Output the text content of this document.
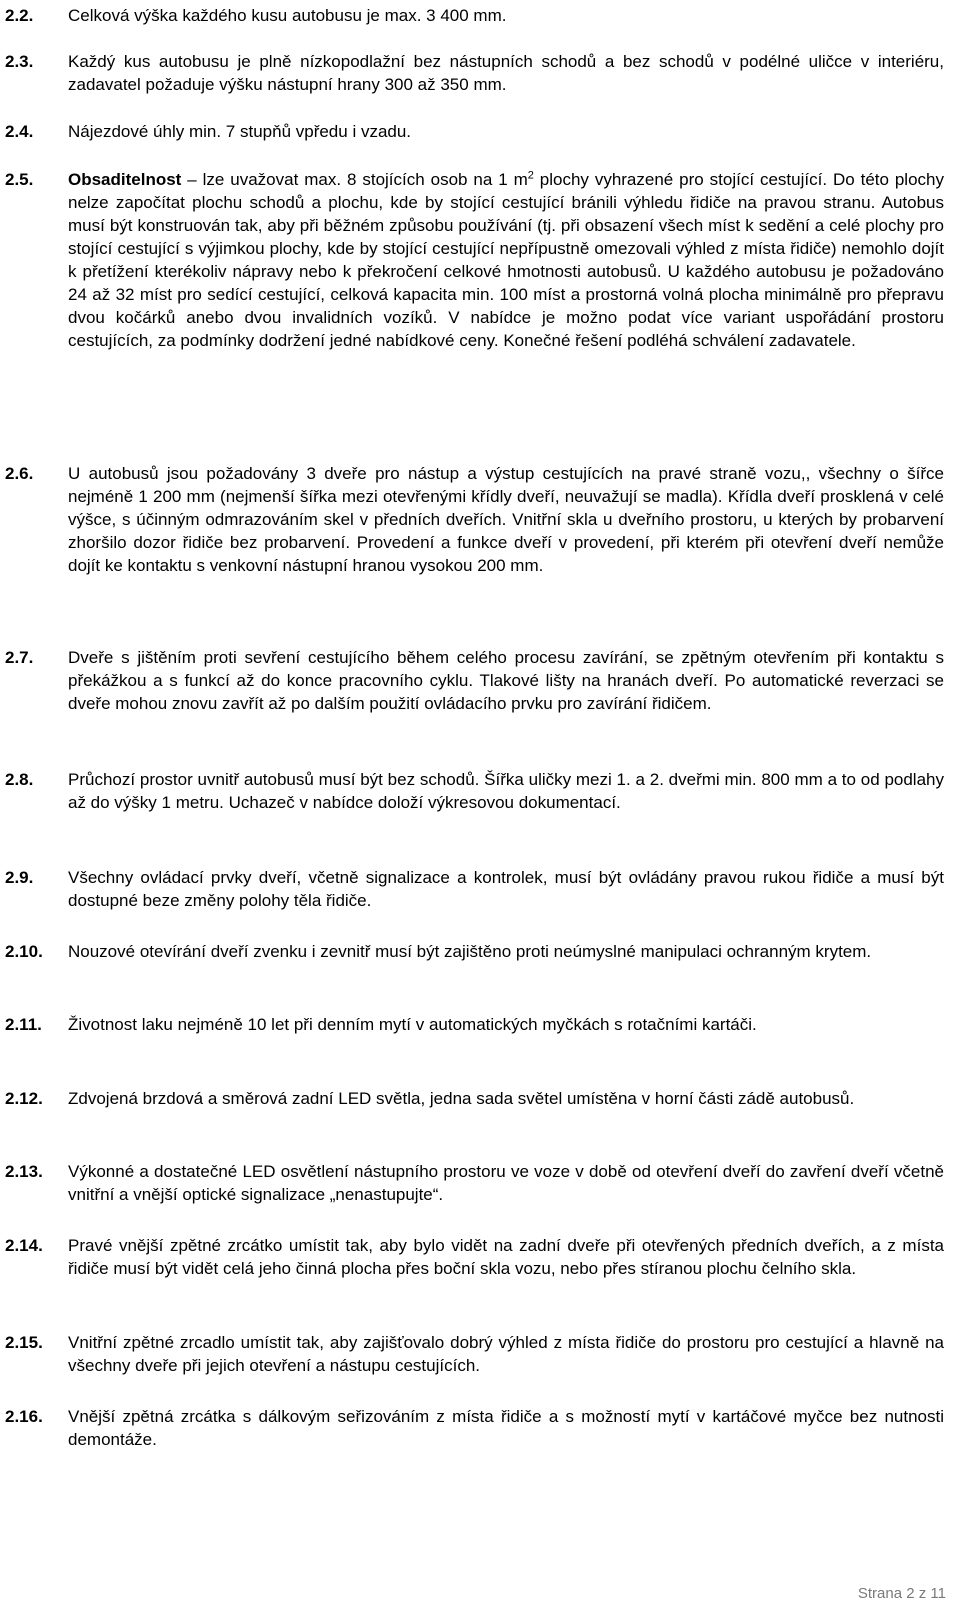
2.2. Celková výška každého kusu autobusu je max. 3 400 mm.
2.3. Každý kus autobusu je plně nízkopodlažní bez nástupních schodů a bez schodů v podélné uličce v interiéru, zadavatel požaduje výšku nástupní hrany 300 až 350 mm.
2.4. Nájezdové úhly min. 7 stupňů vpředu i vzadu.
2.5. Obsaditelnost – lze uvažovat max. 8 stojících osob na 1 $m^2$ plochy vyhrazené pro stojící cestující. Do této plochy nelze započítat plochu schodů a plochu, kde by stojící cestující bránili výhledu řidiče na pravou stranu. Autobus musí být konstruován tak, aby při běžném způsobu používání (tj. při obsazení všech míst k sedění a celé plochy pro stojící cestující s výjimkou plochy, kde by stojící cestující nepřípustně omezovali výhled z místa řidiče) nemohlo dojít k přetížení kterékoliv nápravy nebo k překročení celkové hmotnosti autobusů. U každého autobusu je požadováno 24 až 32 míst pro sedící cestující, celková kapacita min. 100 míst a prostorná volná plocha minimálně pro přepravu dvou kočárků anebo dvou invalidních vozíků. V nabídce je možno podat více variant uspořádání prostoru cestujících, za podmínky dodržení jedné nabídkové ceny. Konečné řešení podléhá schválení zadavatele.
2.6. U autobusů jsou požadovány 3 dveře pro nástup a výstup cestujících na pravé straně vozu,, všechny o šířce nejméně 1 200 mm (nejmenší šířka mezi otevřenými křídly dveří, neuvažují se madla). Křídla dveří prosklená v celé výšce, s účinným odmrazováním skel v předních dveřích. Vnitřní skla u dveřního prostoru, u kterých by probarvení zhoršilo dozor řidiče bez probarvení. Provedení a funkce dveří v provedení, při kterém při otevření dveří nemůže dojít ke kontaktu s venkovní nástupní hranou vysokou 200 mm.
2.7. Dveře s jištěním proti sevření cestujícího během celého procesu zavírání, se zpětným otevřením při kontaktu s překážkou a s funkcí až do konce pracovního cyklu. Tlakové lišty na hranách dveří. Po automatické reverzaci se dveře mohou znovu zavřít až po dalším použití ovládacího prvku pro zavírání řidičem.
2.8. Průchozí prostor uvnitř autobusů musí být bez schodů. Šířka uličky mezi 1. a 2. dveřmi min. 800 mm a to od podlahy až do výšky 1 metru. Uchazeč v nabídce doloží výkresovou dokumentací.
2.9. Všechny ovládací prvky dveří, včetně signalizace a kontrolek, musí být ovládány pravou rukou řidiče a musí být dostupné beze změny polohy těla řidiče.
2.10. Nouzové otevírání dveří zvenku i zevnitř musí být zajištěno proti neúmyslné manipulaci ochranným krytem.
2.11. Životnost laku nejméně 10 let při denním mytí v automatických myčkách s rotačními kartáči.
2.12. Zdvojená brzdová a směrová zadní LED světla, jedna sada světel umístěna v horní části zádě autobusů.
2.13. Výkonné a dostatečné LED osvětlení nástupního prostoru ve voze v době od otevření dveří do zavření dveří včetně vnitřní a vnější optické signalizace „nenastupujte“.
2.14. Pravé vnější zpětné zrcátko umístit tak, aby bylo vidět na zadní dveře při otevřených předních dveřích, a z místa řidiče musí být vidět celá jeho činná plocha přes boční skla vozu, nebo přes stíranou plochu čelního skla.
2.15. Vnitřní zpětné zrcadlo umístit tak, aby zajišťovalo dobrý výhled z místa řidiče do prostoru pro cestující a hlavně na všechny dveře při jejich otevření a nástupu cestujících.
2.16. Vnější zpětná zrcátka s dálkovým seřizováním z místa řidiče a s možností mytí v kartáčové myčce bez nutnosti demontáže.
Strana 2 z 11
